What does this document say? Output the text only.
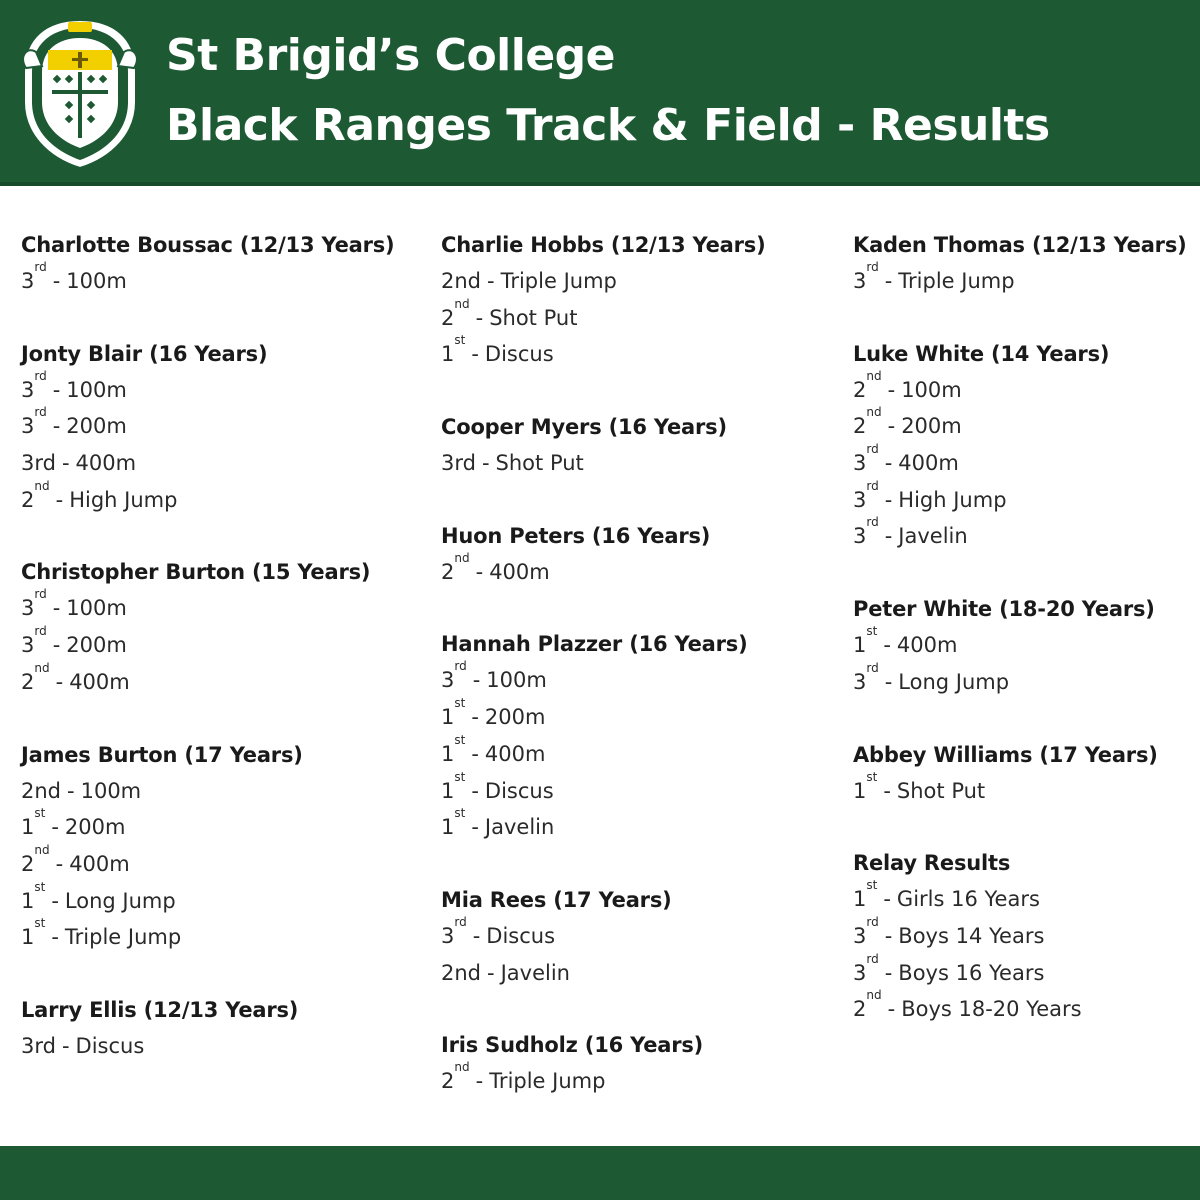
St Brigid’s College
Black Ranges Track & Field - Results
Charlotte Boussac (12/13 Years)
3rd- 100m
Jonty Blair (16 Years)
3rd- 100m
3rd- 200m
3rd - 400m
2nd- High Jump
Christopher Burton (15 Years)
3rd- 100m
3rd- 200m
2nd- 400m
James Burton (17 Years)
2nd - 100m
1st- 200m
2nd- 400m
1st- Long Jump
1st- Triple Jump
Larry Ellis (12/13 Years)
3rd - Discus
Charlie Hobbs (12/13 Years)
2nd - Triple Jump
2nd- Shot Put
1st- Discus
Cooper Myers (16 Years)
3rd - Shot Put
Huon Peters (16 Years)
2nd- 400m
Hannah Plazzer (16 Years)
3rd- 100m
1st- 200m
1st- 400m
1st- Discus
1st- Javelin
Mia Rees (17 Years)
3rd- Discus
2nd - Javelin
Iris Sudholz (16 Years)
2nd- Triple Jump
Kaden Thomas (12/13 Years)
3rd- Triple Jump
Luke White (14 Years)
2nd- 100m
2nd- 200m
3rd- 400m
3rd- High Jump
3rd- Javelin
Peter White (18-20 Years)
1st- 400m
3rd- Long Jump
Abbey Williams (17 Years)
1st- Shot Put
Relay Results
1st- Girls 16 Years
3rd- Boys 14 Years
3rd- Boys 16 Years
2nd- Boys 18-20 Years
